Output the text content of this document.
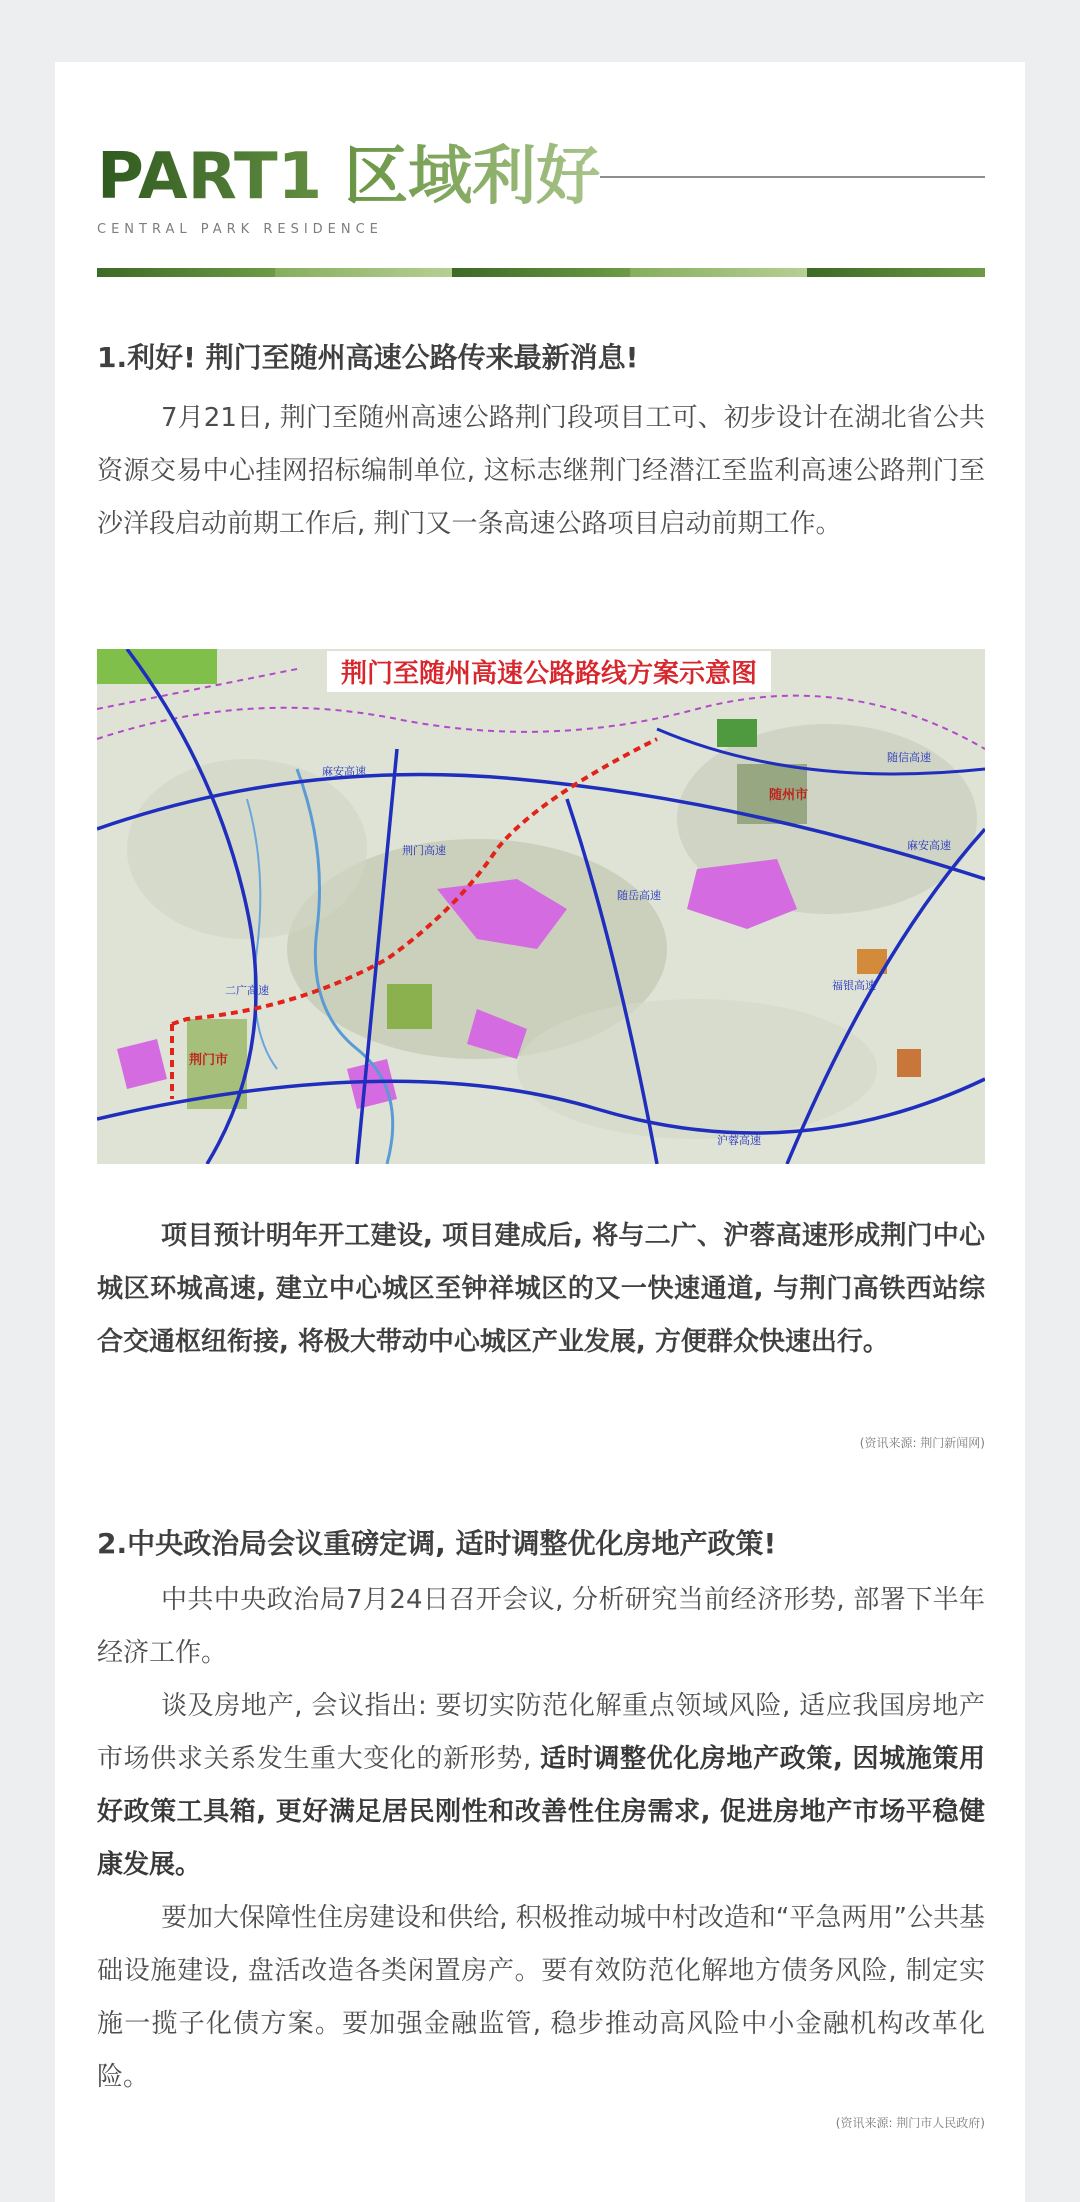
PART1 区域利好
CENTRAL PARK RESIDENCE
1.利好! 荆门至随州高速公路传来最新消息!

7月21日, 荆门至随州高速公路荆门段项目工可、初步设计在湖北省公共资源交易中心挂网招标编制单位, 这标志继荆门经潜江至监利高速公路荆门至沙洋段启动前期工作后, 荆门又一条高速公路项目启动前期工作。

麻安高速
随信高速
麻安高速
荆门高速
二广高速	福银高速
沪蓉高速
随岳高速
随州市
荆门市
荆门至随州高速公路路线方案示意图

项目预计明年开工建设, 项目建成后, 将与二广、沪蓉高速形成荆门中心城区环城高速, 建立中心城区至钟祥城区的又一快速通道, 与荆门高铁西站综合交通枢纽衔接, 将极大带动中心城区产业发展, 方便群众快速出行。

(资讯来源: 荆门新闻网)
2.中央政治局会议重磅定调, 适时调整优化房地产政策!

中共中央政治局7月24日召开会议, 分析研究当前经济形势, 部署下半年经济工作。

谈及房地产, 会议指出: 要切实防范化解重点领域风险, 适应我国房地产市场供求关系发生重大变化的新形势, 适时调整优化房地产政策, 因城施策用好政策工具箱, 更好满足居民刚性和改善性住房需求, 促进房地产市场平稳健康发展。

要加大保障性住房建设和供给, 积极推动城中村改造和“平急两用”公共基础设施建设, 盘活改造各类闲置房产。要有效防范化解地方债务风险, 制定实施一揽子化债方案。要加强金融监管, 稳步推动高风险中小金融机构改革化险。

(资讯来源: 荆门市人民政府)
